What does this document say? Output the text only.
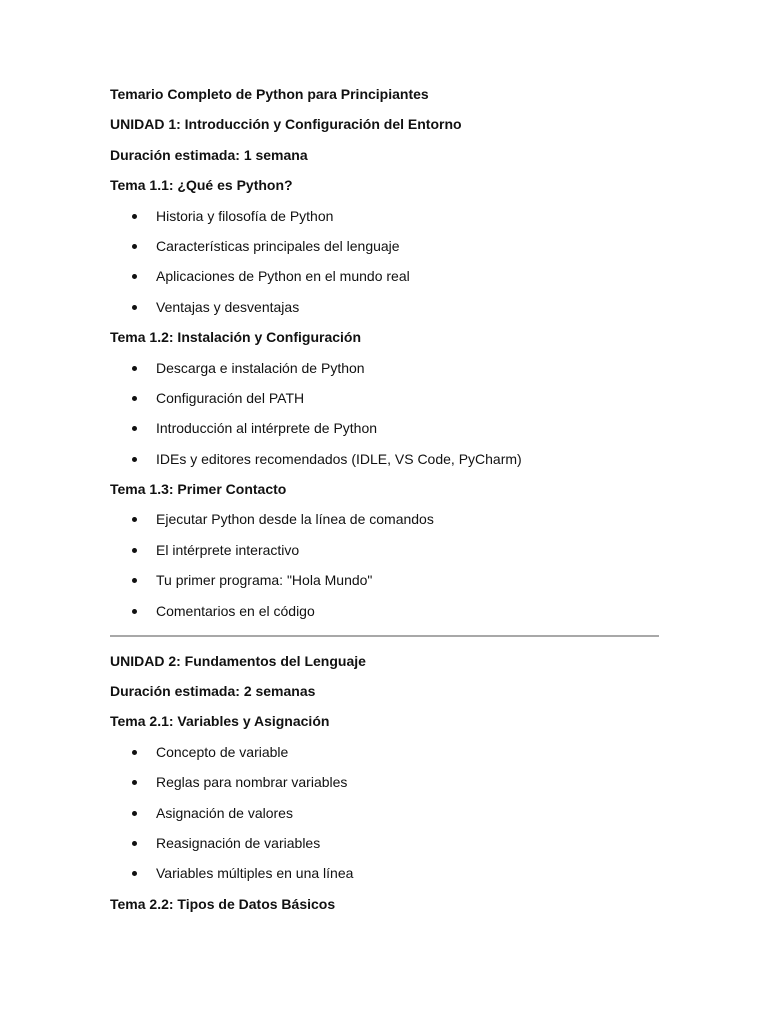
Temario Completo de Python para Principiantes

UNIDAD 1: Introducción y Configuración del Entorno

Duración estimada: 1 semana

Tema 1.1: ¿Qué es Python?

Historia y filosofía de Python
Características principales del lenguaje
Aplicaciones de Python en el mundo real
Ventajas y desventajas

Tema 1.2: Instalación y Configuración

Descarga e instalación de Python
Configuración del PATH
Introducción al intérprete de Python
IDEs y editores recomendados (IDLE, VS Code, PyCharm)

Tema 1.3: Primer Contacto

Ejecutar Python desde la línea de comandos
El intérprete interactivo
Tu primer programa: "Hola Mundo"
Comentarios en el código

UNIDAD 2: Fundamentos del Lenguaje

Duración estimada: 2 semanas

Tema 2.1: Variables y Asignación

Concepto de variable
Reglas para nombrar variables
Asignación de valores
Reasignación de variables
Variables múltiples en una línea

Tema 2.2: Tipos de Datos Básicos
